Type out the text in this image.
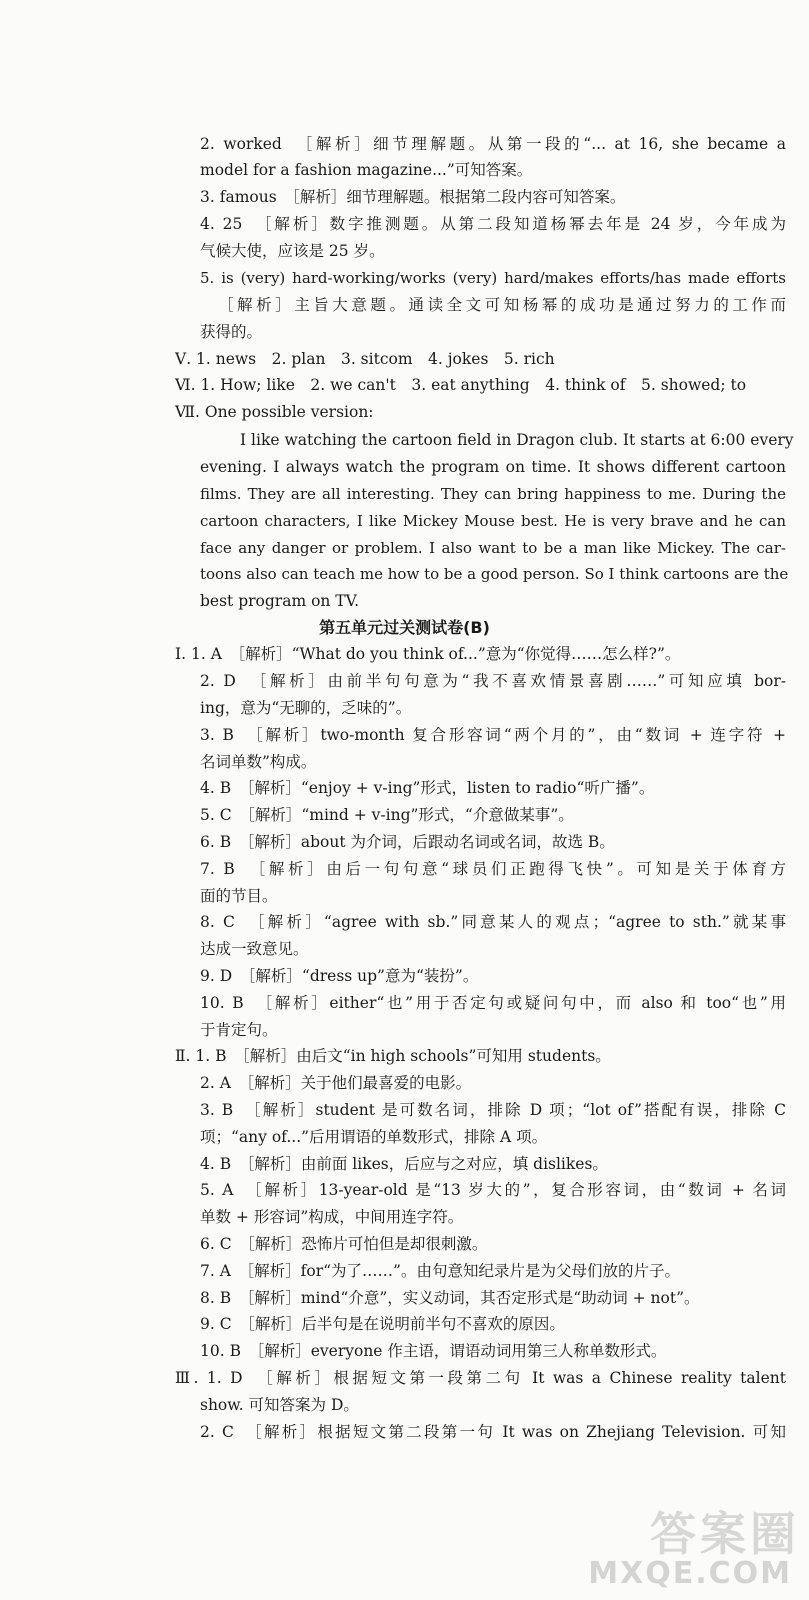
2. worked　［解析］细节理解题。从第一段的“... at 16, she became a
model for a fashion magazine...”可知答案。
3. famous　［解析］细节理解题。根据第二段内容可知答案。
4. 25　［解析］数字推测题。从第二段知道杨幂去年是 24 岁，今年成为
气候大使，应该是 25 岁。
5. is (very) hard-working/works (very) hard/makes efforts/has made efforts
［解析］主旨大意题。通读全文可知杨幂的成功是通过努力的工作而
获得的。
Ⅴ. 1. news　2. plan　3. sitcom　4. jokes　5. rich
Ⅵ. 1. How; like　2. we can't　3. eat anything　4. think of　5. showed; to
Ⅶ. One possible version:
I like watching the cartoon field in Dragon club. It starts at 6:00 every
evening. I always watch the program on time. It shows different cartoon
films. They are all interesting. They can bring happiness to me. During the
cartoon characters, I like Mickey Mouse best. He is very brave and he can
face any danger or problem. I also want to be a man like Mickey. The car-
toons also can teach me how to be a good person. So I think cartoons are the
best program on TV.
第五单元过关测试卷(B)
Ⅰ. 1. A　［解析］“What do you think of...”意为“你觉得……怎么样?”。
2. D　［解析］由前半句句意为“我不喜欢情景喜剧……”可知应填 bor-
ing，意为“无聊的，乏味的”。
3. B　［解析］two-month 复合形容词“两个月的”，由“数词 + 连字符 +
名词单数”构成。
4. B　［解析］“enjoy + v-ing”形式，listen to radio“听广播”。
5. C　［解析］“mind + v-ing”形式，“介意做某事”。
6. B　［解析］about 为介词，后跟动名词或名词，故选 B。
7. B　［解析］由后一句句意“球员们正跑得飞快”。可知是关于体育方
面的节目。
8. C　［解析］“agree with sb.”同意某人的观点；“agree to sth.”就某事
达成一致意见。
9. D　［解析］“dress up”意为“装扮”。
10. B　［解析］either“也”用于否定句或疑问句中，而 also 和 too“也”用
于肯定句。
Ⅱ. 1. B　［解析］由后文“in high schools”可知用 students。
2. A　［解析］关于他们最喜爱的电影。
3. B　［解析］student 是可数名词，排除 D 项；“lot of”搭配有误，排除 C
项；“any of...”后用谓语的单数形式，排除 A 项。
4. B　［解析］由前面 likes，后应与之对应，填 dislikes。
5. A　［解析］13-year-old 是“13 岁大的”，复合形容词，由“数词 + 名词
单数 + 形容词”构成，中间用连字符。
6. C　［解析］恐怖片可怕但是却很刺激。
7. A　［解析］for“为了……”。由句意知纪录片是为父母们放的片子。
8. B　［解析］mind“介意”，实义动词，其否定形式是“助动词 + not”。
9. C　［解析］后半句是在说明前半句不喜欢的原因。
10. B　［解析］everyone 作主语，谓语动词用第三人称单数形式。
Ⅲ. 1. D　［解析］根据短文第一段第二句 It was a Chinese reality talent
show. 可知答案为 D。
2. C　［解析］根据短文第二段第一句 It was on Zhejiang Television. 可知
答案圈
MXQE.COM
